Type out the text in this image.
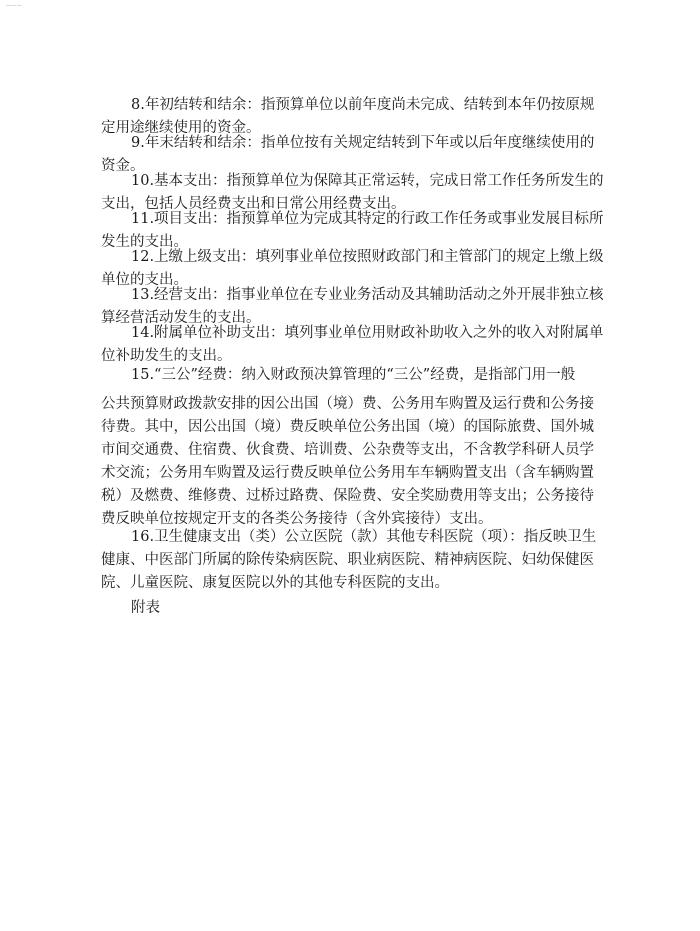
———
8.年初结转和结余：指预算单位以前年度尚未完成、结转到本年仍按原规
定用途继续使用的资金。
9.年末结转和结余：指单位按有关规定结转到下年或以后年度继续使用的
资金。
10.基本支出：指预算单位为保障其正常运转，完成日常工作任务所发生的
支出，包括人员经费支出和日常公用经费支出。
11.项目支出：指预算单位为完成其特定的行政工作任务或事业发展目标所
发生的支出。
12.上缴上级支出：填列事业单位按照财政部门和主管部门的规定上缴上级
单位的支出。
13.经营支出：指事业单位在专业业务活动及其辅助活动之外开展非独立核
算经营活动发生的支出。
14.附属单位补助支出：填列事业单位用财政补助收入之外的收入对附属单
位补助发生的支出。
15.“三公”经费：纳入财政预决算管理的“三公”经费，是指部门用一般
公共预算财政拨款安排的因公出国（境）费、公务用车购置及运行费和公务接
待费。其中，因公出国（境）费反映单位公务出国（境）的国际旅费、国外城
市间交通费、住宿费、伙食费、培训费、公杂费等支出，不含教学科研人员学
术交流；公务用车购置及运行费反映单位公务用车车辆购置支出（含车辆购置
税）及燃费、维修费、过桥过路费、保险费、安全奖励费用等支出；公务接待
费反映单位按规定开支的各类公务接待（含外宾接待）支出。
16.卫生健康支出（类）公立医院（款）其他专科医院（项）：指反映卫生
健康、中医部门所属的除传染病医院、职业病医院、精神病医院、妇幼保健医
院、儿童医院、康复医院以外的其他专科医院的支出。
附表
